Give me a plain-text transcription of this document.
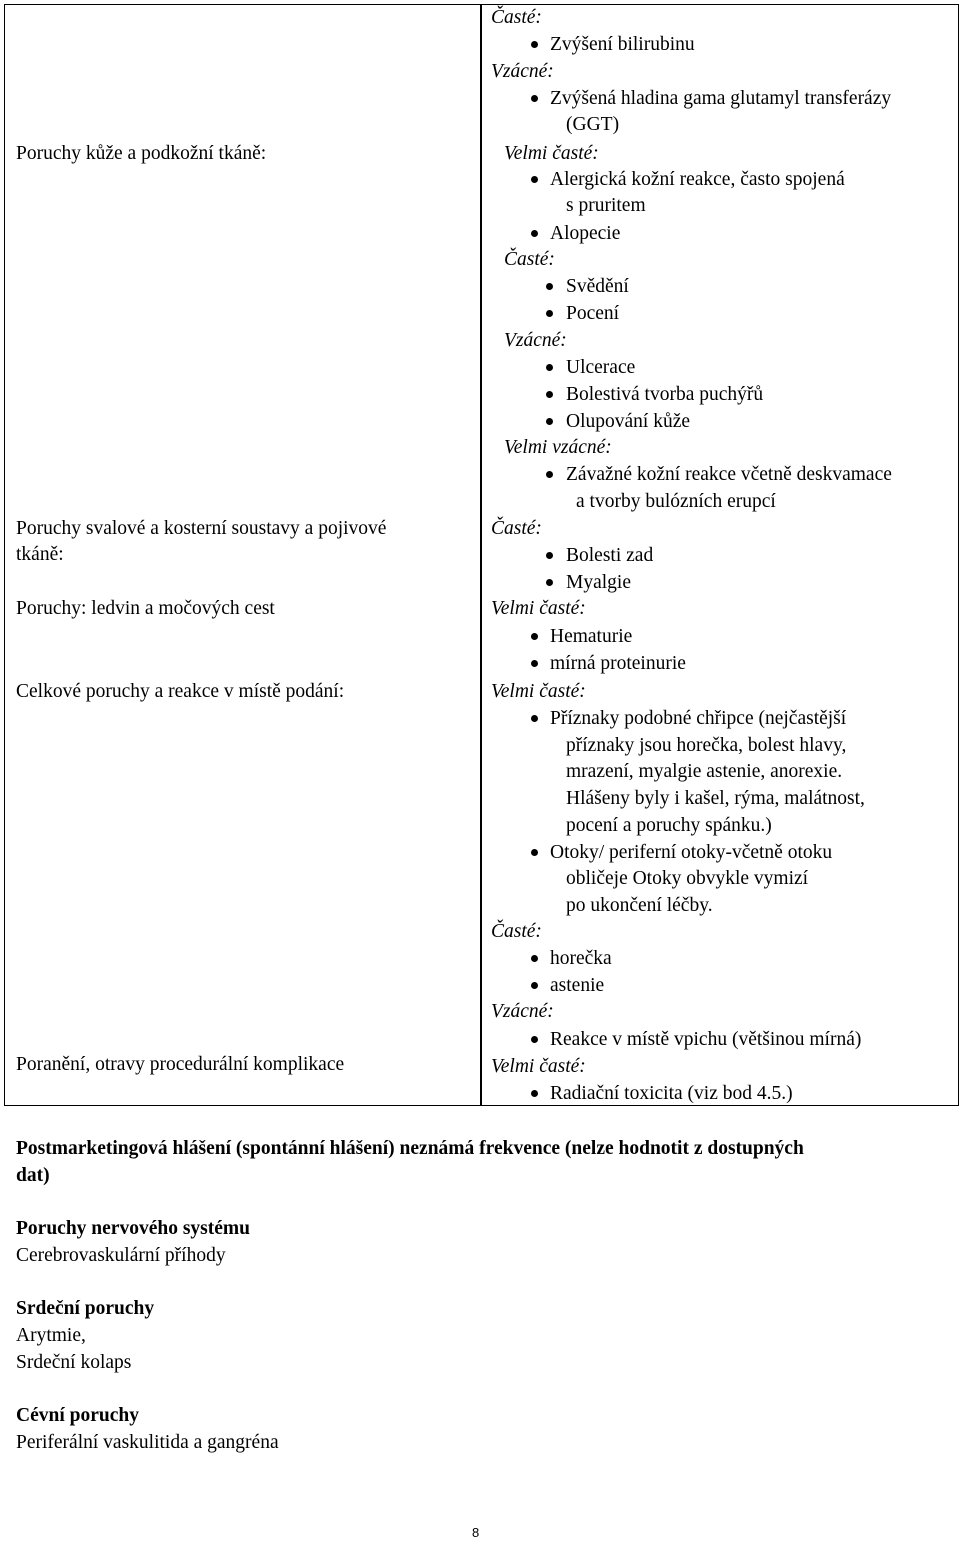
Poruchy kůže a podkožní tkáně:
Poruchy svalové a kosterní soustavy a pojivové
tkáně:
Poruchy: ledvin a močových cest
Celkové poruchy a reakce v místě podání:
Poranění, otravy procedurální komplikace
Časté:
Zvýšení bilirubinu
Vzácné:
Zvýšená hladina gama glutamyl transferázy
(GGT)
Velmi časté:
Alergická kožní reakce, často spojená
s pruritem
Alopecie
Časté:
Svědění
Pocení
Vzácné:
Ulcerace
Bolestivá tvorba puchýřů
Olupování kůže
Velmi vzácné:
Závažné kožní reakce včetně deskvamace
a tvorby bulózních erupcí
Časté:
Bolesti zad
Myalgie
Velmi časté:
Hematurie
mírná proteinurie
Velmi časté:
Příznaky podobné chřipce (nejčastější
příznaky jsou horečka, bolest hlavy,
mrazení, myalgie astenie, anorexie.
Hlášeny byly i kašel, rýma, malátnost,
pocení a poruchy spánku.)
Otoky/ periferní otoky-včetně otoku
obličeje Otoky obvykle vymizí
po ukončení léčby.
Časté:
horečka
astenie
Vzácné:
Reakce v místě vpichu (většinou mírná)
Velmi časté:
Radiační toxicita (viz bod 4.5.)
Postmarketingová hlášení (spontánní hlášení) neznámá frekvence (nelze hodnotit z dostupných
dat)
Poruchy nervového systému
Cerebrovaskulární příhody
Srdeční poruchy
Arytmie,
Srdeční kolaps
Cévní poruchy
Periferální vaskulitida a gangréna
8
